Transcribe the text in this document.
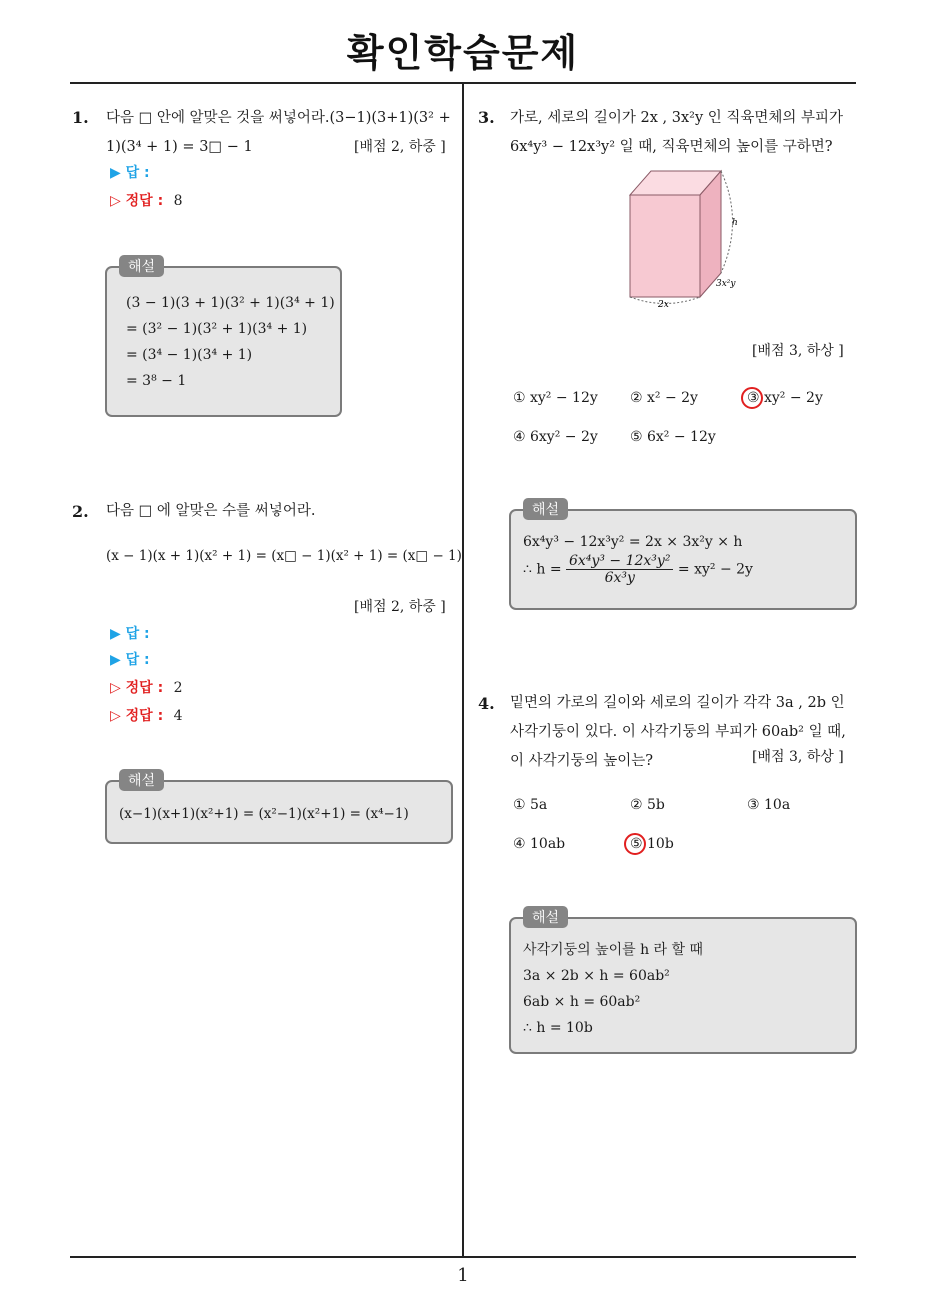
확인학습문제
1. 다음 □ 안에 알맞은 것을 써넣어라.(3−1)(3+1)(3² +
1)(3⁴ + 1) = 3□ − 1	[배점 2, 하중 ]
▶ 답 :
▷ 정답 : 8
해설
(3 − 1)(3 + 1)(3² + 1)(3⁴ + 1)
= (3² − 1)(3² + 1)(3⁴ + 1)
= (3⁴ − 1)(3⁴ + 1)
= 3⁸ − 1
2. 다음 □ 에 알맞은 수를 써넣어라.
(x − 1)(x + 1)(x² + 1) = (x□ − 1)(x² + 1) = (x□ − 1)
[배점 2, 하중 ]
▶ 답 :
▶ 답 :
▷ 정답 : 2
▷ 정답 : 4
해설
(x−1)(x+1)(x²+1) = (x²−1)(x²+1) = (x⁴−1)
3. 가로, 세로의 길이가 2x , 3x²y 인 직육면체의 부피가
6x⁴y³ − 12x³y² 일 때, 직육면체의 높이를 구하면?
h
3x²y
2x
[배점 3, 하상 ]
① xy² − 12y ② x² − 2y	③ xy² − 2y
④ 6xy² − 2y ⑤ 6x² − 12y
해설
6x⁴y³ − 12x³y² = 2x × 3x²y × h
∴ $h = \frac{\text{6x⁴y³ − 12x³y²}}{\text{6x³y}} = xy^2 - 2y$
4. 밑면의 가로의 길이와 세로의 길이가 각각 3a , 2b 인
사각기둥이 있다. 이 사각기둥의 부피가 60ab² 일 때,
이 사각기둥의 높이는?	[배점 3, 하상 ]
① 5a	② 5b	③ 10a
④ 10ab	⑤ 10b
해설
사각기둥의 높이를 h 라 할 때
3a × 2b × h = 60ab²
6ab × h = 60ab²
∴ h = 10b
1
